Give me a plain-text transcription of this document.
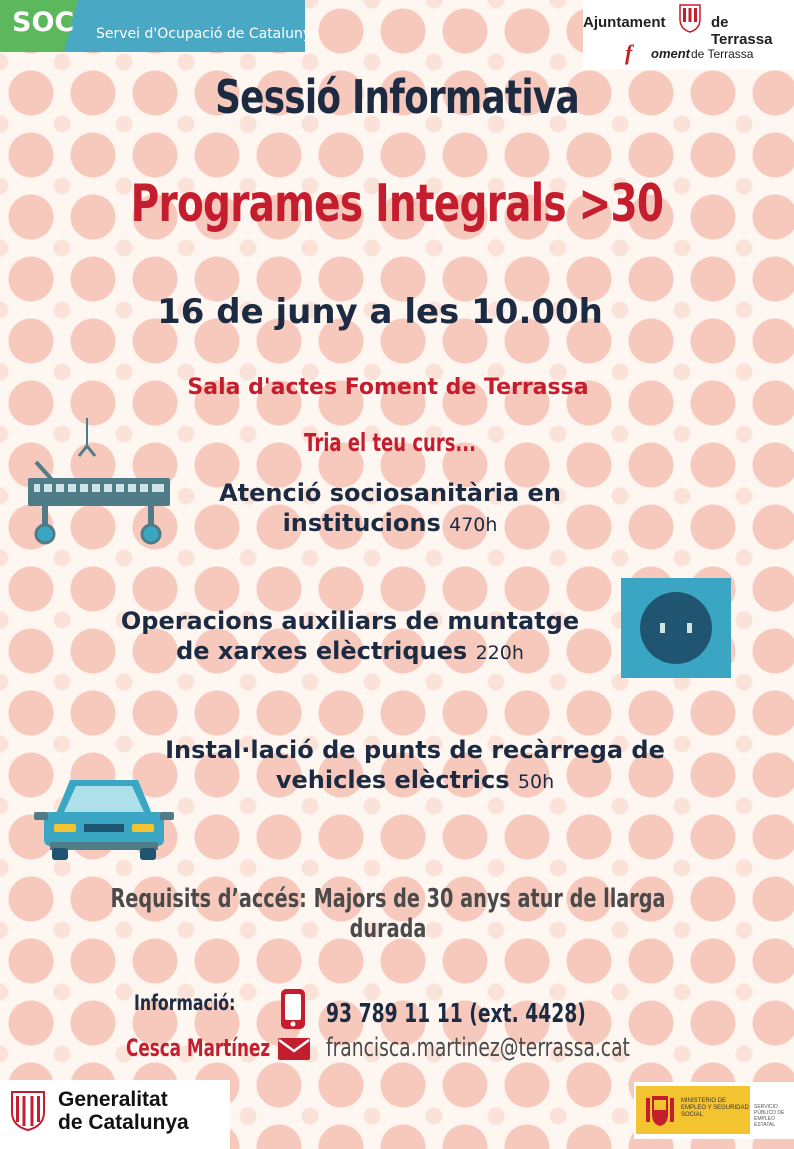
SOC Servei d'Ocupació de Catalunya
Ajuntament	de Terrassa
f oment de Terrassa
Sessió Informativa
Programes Integrals >30
16 de juny a les 10.00h
Sala d'actes Foment de Terrassa
Tria el teu curs...
Atenció sociosanitària en
institucions 470h
Operacions auxiliars de muntatge
de xarxes elèctriques 220h
Instal·lació de punts de recàrrega de
vehicles elèctrics 50h
Requisits d’accés: Majors de 30 anys atur de llarga durada
Informació:
Cesca Martínez
93 789 11 11 (ext. 4428)
francisca.martinez@terrassa.cat
Generalitat
de Catalunya
MINISTERIO DE EMPLEO Y SEGURIDAD SOCIAL
SERVICIO PÚBLICO DE EMPLEO ESTATAL
